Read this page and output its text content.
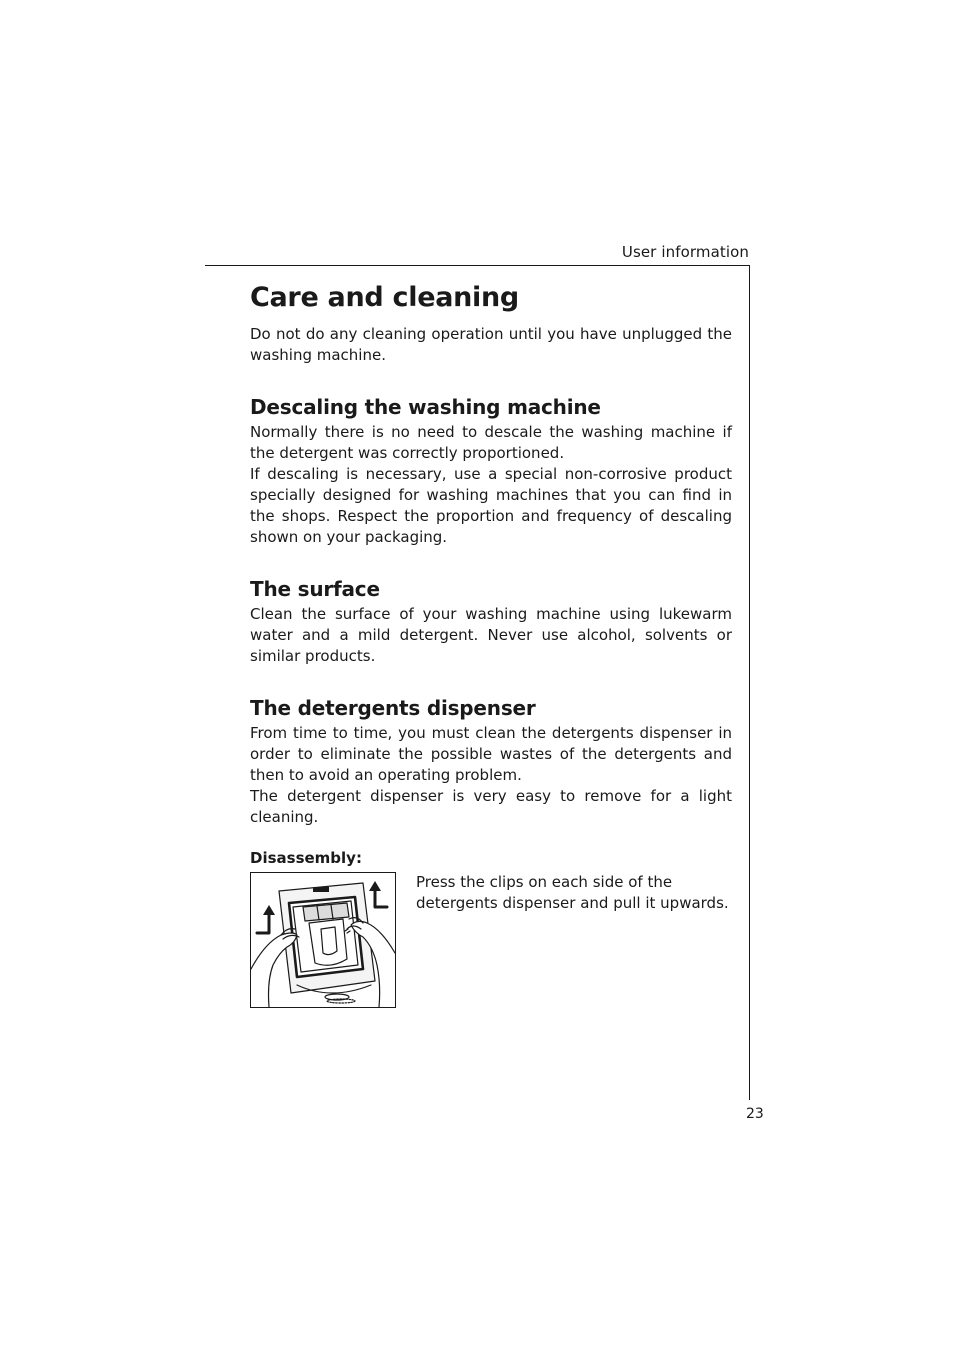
User information
Care and cleaning

Do not do any cleaning operation until you have unplugged the washing machine.

Descaling the washing machine

Normally there is no need to descale the washing machine if the detergent was correctly proportioned.

If descaling is necessary, use a special non-corrosive product specially designed for washing machines that you can find in the shops. Respect the proportion and frequency of descaling shown on your packaging.

The surface

Clean the surface of your washing machine using lukewarm water and a mild detergent. Never use alcohol, solvents or similar products.

The detergents dispenser

From time to time, you must clean the detergents dispenser in order to eliminate the possible wastes of the detergents and then to avoid an operating problem.

The detergent dispenser is very easy to remove for a light cleaning.

Disassembly:

Press the clips on each side of the detergents dispenser and pull it upwards.

23
